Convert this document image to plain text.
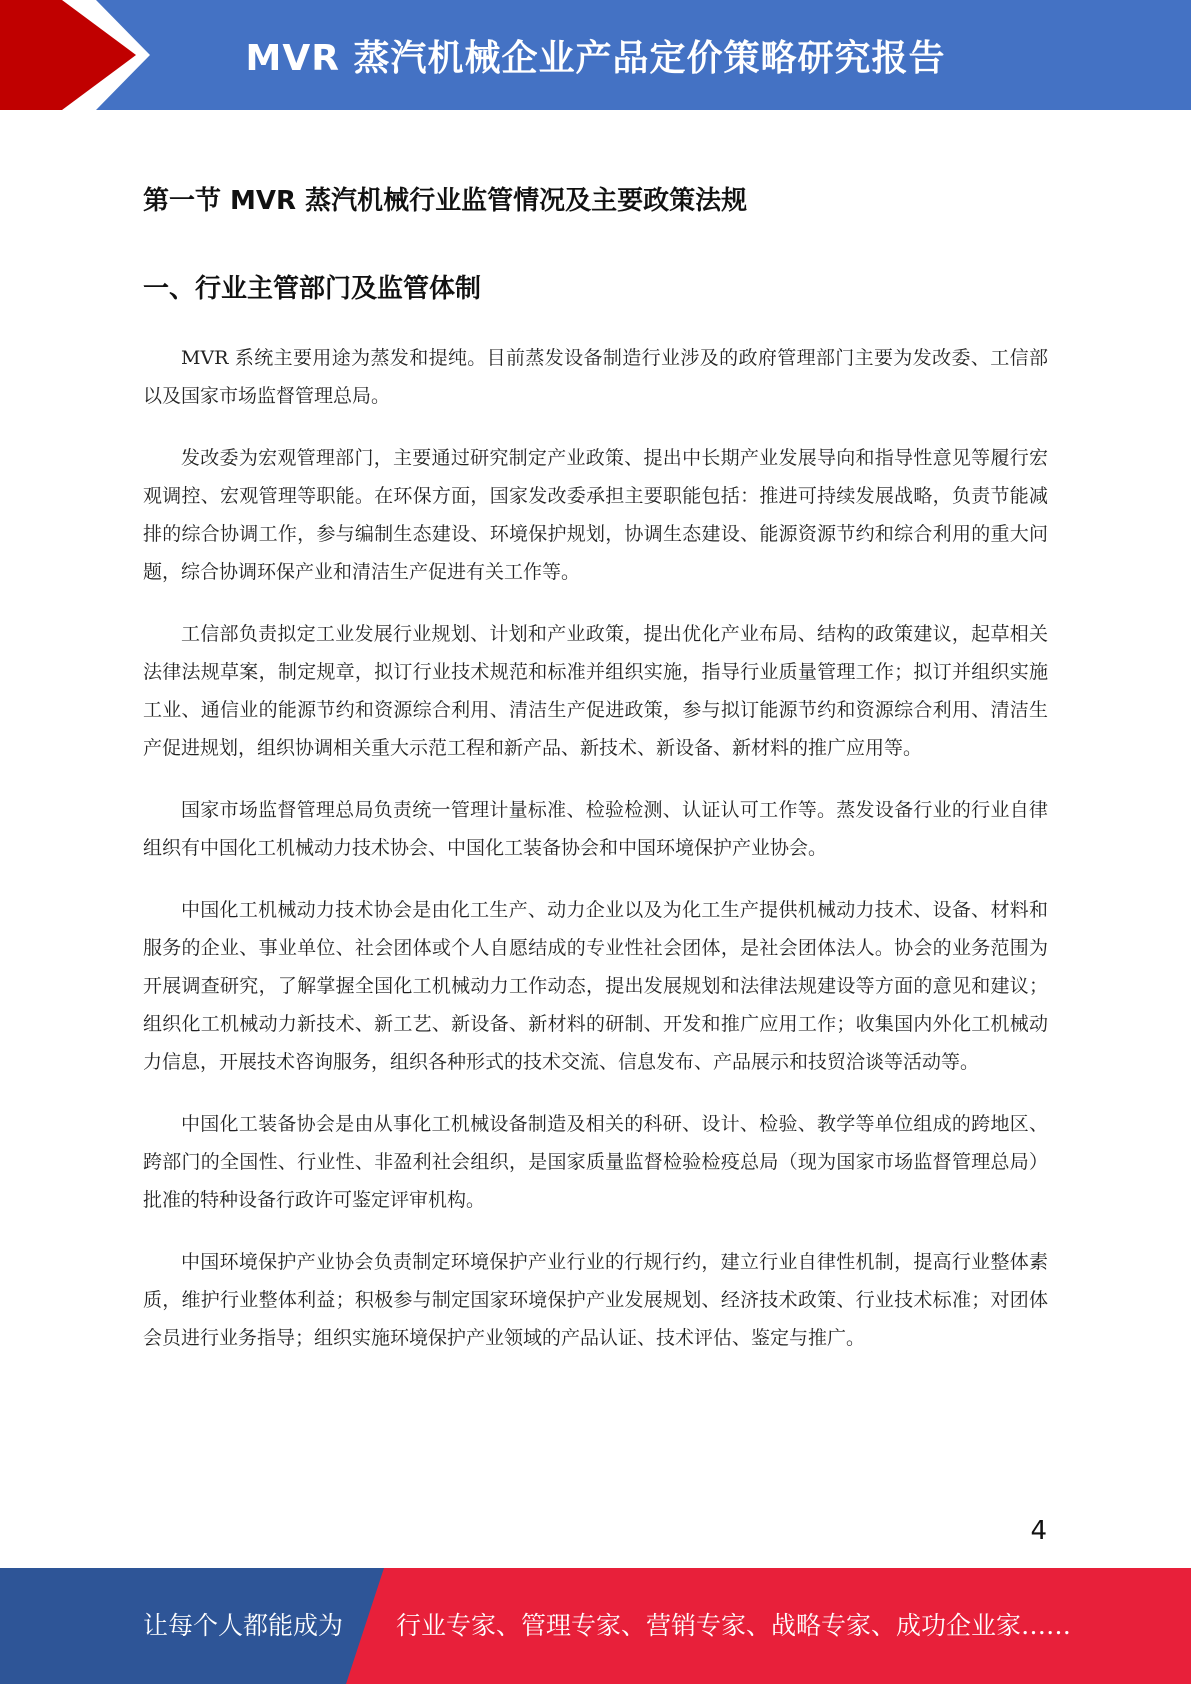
MVR 蒸汽机械企业产品定价策略研究报告
第一节 MVR 蒸汽机械行业监管情况及主要政策法规
一、行业主管部门及监管体制

MVR 系统主要用途为蒸发和提纯。目前蒸发设备制造行业涉及的政府管理部门主要为发改委、工信部以及国家市场监督管理总局。

发改委为宏观管理部门，主要通过研究制定产业政策、提出中长期产业发展导向和指导性意见等履行宏观调控、宏观管理等职能。在环保方面，国家发改委承担主要职能包括：推进可持续发展战略，负责节能减排的综合协调工作，参与编制生态建设、环境保护规划，协调生态建设、能源资源节约和综合利用的重大问题，综合协调环保产业和清洁生产促进有关工作等。

工信部负责拟定工业发展行业规划、计划和产业政策，提出优化产业布局、结构的政策建议，起草相关法律法规草案，制定规章，拟订行业技术规范和标准并组织实施，指导行业质量管理工作；拟订并组织实施工业、通信业的能源节约和资源综合利用、清洁生产促进政策，参与拟订能源节约和资源综合利用、清洁生产促进规划，组织协调相关重大示范工程和新产品、新技术、新设备、新材料的推广应用等。

国家市场监督管理总局负责统一管理计量标准、检验检测、认证认可工作等。蒸发设备行业的行业自律组织有中国化工机械动力技术协会、中国化工装备协会和中国环境保护产业协会。

中国化工机械动力技术协会是由化工生产、动力企业以及为化工生产提供机械动力技术、设备、材料和服务的企业、事业单位、社会团体或个人自愿结成的专业性社会团体，是社会团体法人。协会的业务范围为开展调查研究，了解掌握全国化工机械动力工作动态，提出发展规划和法律法规建设等方面的意见和建议；组织化工机械动力新技术、新工艺、新设备、新材料的研制、开发和推广应用工作；收集国内外化工机械动力信息，开展技术咨询服务，组织各种形式的技术交流、信息发布、产品展示和技贸洽谈等活动等。

中国化工装备协会是由从事化工机械设备制造及相关的科研、设计、检验、教学等单位组成的跨地区、跨部门的全国性、行业性、非盈利社会组织，是国家质量监督检验检疫总局（现为国家市场监督管理总局）批准的特种设备行政许可鉴定评审机构。

中国环境保护产业协会负责制定环境保护产业行业的行规行约，建立行业自律性机制，提高行业整体素质，维护行业整体利益；积极参与制定国家环境保护产业发展规划、经济技术政策、行业技术标准；对团体会员进行业务指导；组织实施环境保护产业领域的产品认证、技术评估、鉴定与推广。

4
让每个人都能成为 行业专家、管理专家、营销专家、战略专家、成功企业家……
